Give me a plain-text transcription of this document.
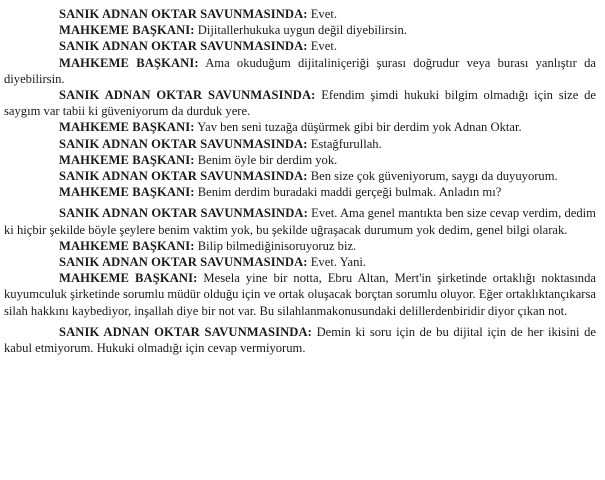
SANIK ADNAN OKTAR SAVUNMASINDA: Evet.

MAHKEME BAŞKANI: Dijitallerhukuka uygun değil diyebilirsin.

SANIK ADNAN OKTAR SAVUNMASINDA: Evet.

MAHKEME BAŞKANI: Ama okuduğum dijitaliniçeriği şurası doğrudur veya burası yanlıştır da diyebilirsin.

SANIK ADNAN OKTAR SAVUNMASINDA: Efendim şimdi hukuki bilgim olmadığı için size de saygım var tabii ki güveniyorum da durduk yere.

MAHKEME BAŞKANI: Yav ben seni tuzağa düşürmek gibi bir derdim yok Adnan Oktar.

SANIK ADNAN OKTAR SAVUNMASINDA: Estağfurullah.

MAHKEME BAŞKANI: Benim öyle bir derdim yok.

SANIK ADNAN OKTAR SAVUNMASINDA: Ben size çok güveniyorum, saygı da duyuyorum.

MAHKEME BAŞKANI: Benim derdim buradaki maddi gerçeği bulmak. Anladın mı?

SANIK ADNAN OKTAR SAVUNMASINDA: Evet. Ama genel mantıkta ben size cevap verdim, dedim ki hiçbir şekilde böyle şeylere benim vaktim yok, bu şekilde uğraşacak durumum yok dedim, genel bilgi olarak.

MAHKEME BAŞKANI: Bilip bilmediğinisoruyoruz biz.

SANIK ADNAN OKTAR SAVUNMASINDA: Evet. Yani.

MAHKEME BAŞKANI: Mesela yine bir notta, Ebru Altan, Mert'in şirketinde ortaklığı noktasında kuyumculuk şirketinde sorumlu müdür olduğu için ve ortak oluşacak borçtan sorumlu oluyor. Eğer ortaklıktançıkarsa silah hakkını kaybediyor, inşallah diye bir not var. Bu silahlanmakonusundaki delillerdenbiridir diyor çıkan not.

SANIK ADNAN OKTAR SAVUNMASINDA: Demin ki soru için de bu dijital için de her ikisini de kabul etmiyorum. Hukuki olmadığı için cevap vermiyorum.
